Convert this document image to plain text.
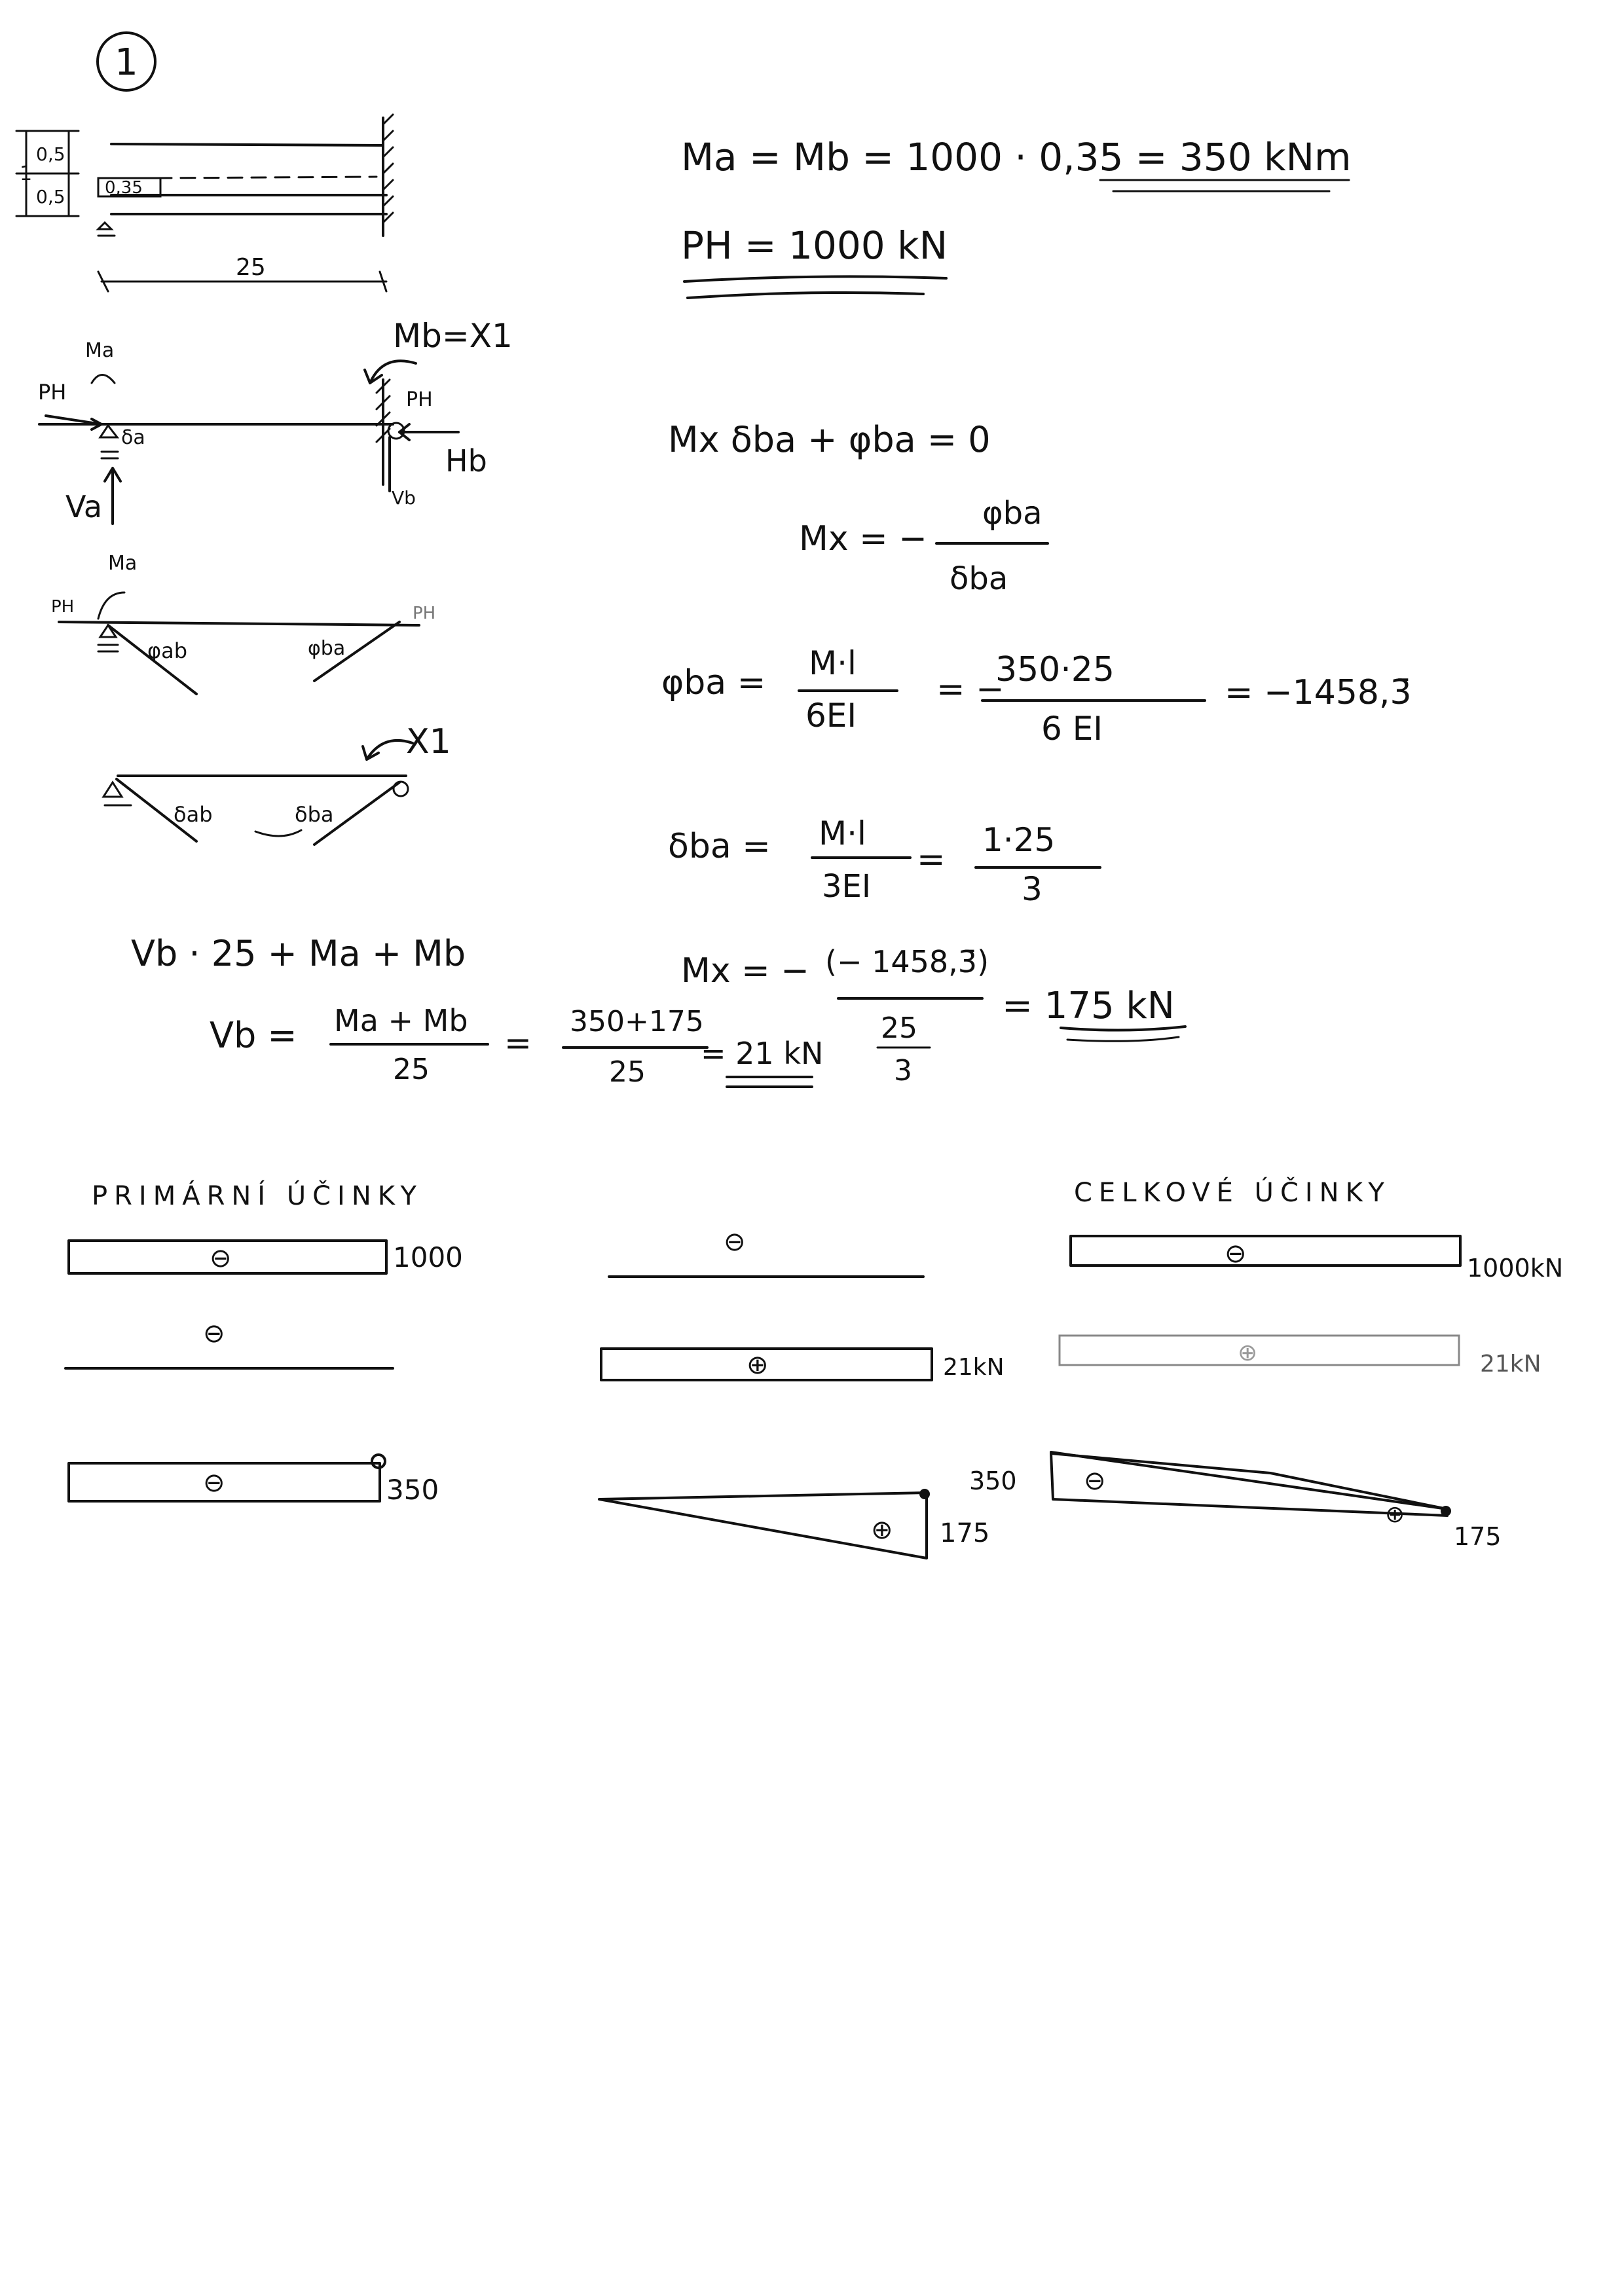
1
1
0,5
0,5 0,35
25
PH
Ma
δa
Va
Mb=X1
PH
Hb
Vb
Ma
PH
φab	φba
PH
δab	δba
X1
Ma = Mb = 1000 · 0,35 = 350 kNm
PH = 1000 kN
Mx δba + φba = 0
Mx = −
φba
δba
φba = M·l
6EI
= −
350·25
6 EI
= −1458,3̄
δba = M·l
3EI
= 1·25
3
Vb · 25 + Ma + Mb
Vb = Ma + Mb
25
=
350+175
25
= 21 kN
Mx = − (− 1458,3̄)
25
3
= 175 kN
PRIMÁRNÍ ÚČINKY	CELKOVÉ ÚČINKY
⊖	1000
⊖
⊖	350
⊖
⊕	21kN
⊕ 175
⊖	1000kN
⊕	21kN
350
175
⊖
⊕
